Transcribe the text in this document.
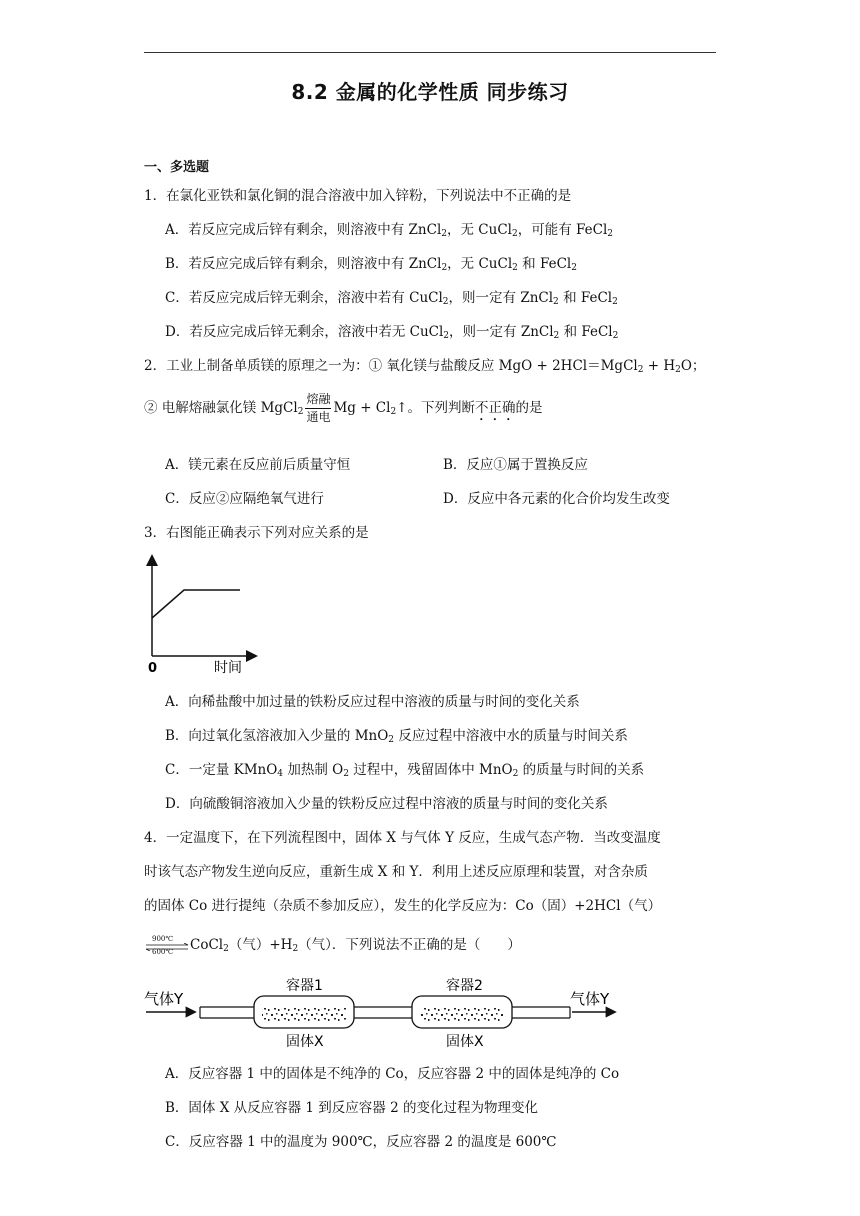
8.2 金属的化学性质 同步练习
一、多选题
1．在氯化亚铁和氯化铜的混合溶液中加入锌粉，下列说法中不正确的是
A．若反应完成后锌有剩余，则溶液中有 ZnCl$_2$，无 CuCl$_2$，可能有 FeCl$_2$
B．若反应完成后锌有剩余，则溶液中有 ZnCl$_2$，无 CuCl$_2$ 和 FeCl$_2$
C．若反应完成后锌无剩余，溶液中若有 CuCl$_2$，则一定有 ZnCl$_2$ 和 FeCl$_2$
D．若反应完成后锌无剩余，溶液中若无 CuCl$_2$，则一定有 ZnCl$_2$ 和 FeCl$_2$
2．工业上制备单质镁的原理之一为：① 氧化镁与盐酸反应 MgO + 2HCl＝MgCl$_2$ + $H_2O$；
② 电解熔融氯化镁 MgCl$_2$ $\frac{\text{熔融}}{\text{通电}}$ $Mg + Cl_2↑$。下列判断不正确的是
A．镁元素在反应前后质量守恒	B．反应①属于置换反应
C．反应②应隔绝氧气进行	D．反应中各元素的化合价均发生改变
3．右图能正确表示下列对应关系的是
0	时间
A．向稀盐酸中加过量的铁粉反应过程中溶液的质量与时间的变化关系
B．向过氧化氢溶液加入少量的 MnO$_2$ 反应过程中溶液中水的质量与时间关系
C．一定量 KMnO$_4$ 加热制 $O_2$ 过程中，残留固体中 MnO$_2$ 的质量与时间的关系
D．向硫酸铜溶液加入少量的铁粉反应过程中溶液的质量与时间的变化关系
4．一定温度下，在下列流程图中，固体 X 与气体 Y 反应，生成气态产物．当改变温度
时该气态产物发生逆向反应，重新生成 X 和 Y．利用上述反应原理和装置，对含杂质
的固体 Co 进行提纯（杂质不参加反应），发生的化学反应为：Co（固）+2HCl（气）
900℃
600℃ CoCl$_2$（气）$+H_2$（气）．下列说法不正确的是（　　）
气体Y
容器1
固体X
容器2
固体X
气体Y
A．反应容器 1 中的固体是不纯净的 Co，反应容器 2 中的固体是纯净的 Co
B．固体 X 从反应容器 1 到反应容器 2 的变化过程为物理变化
C．反应容器 1 中的温度为 900℃，反应容器 2 的温度是 600℃
